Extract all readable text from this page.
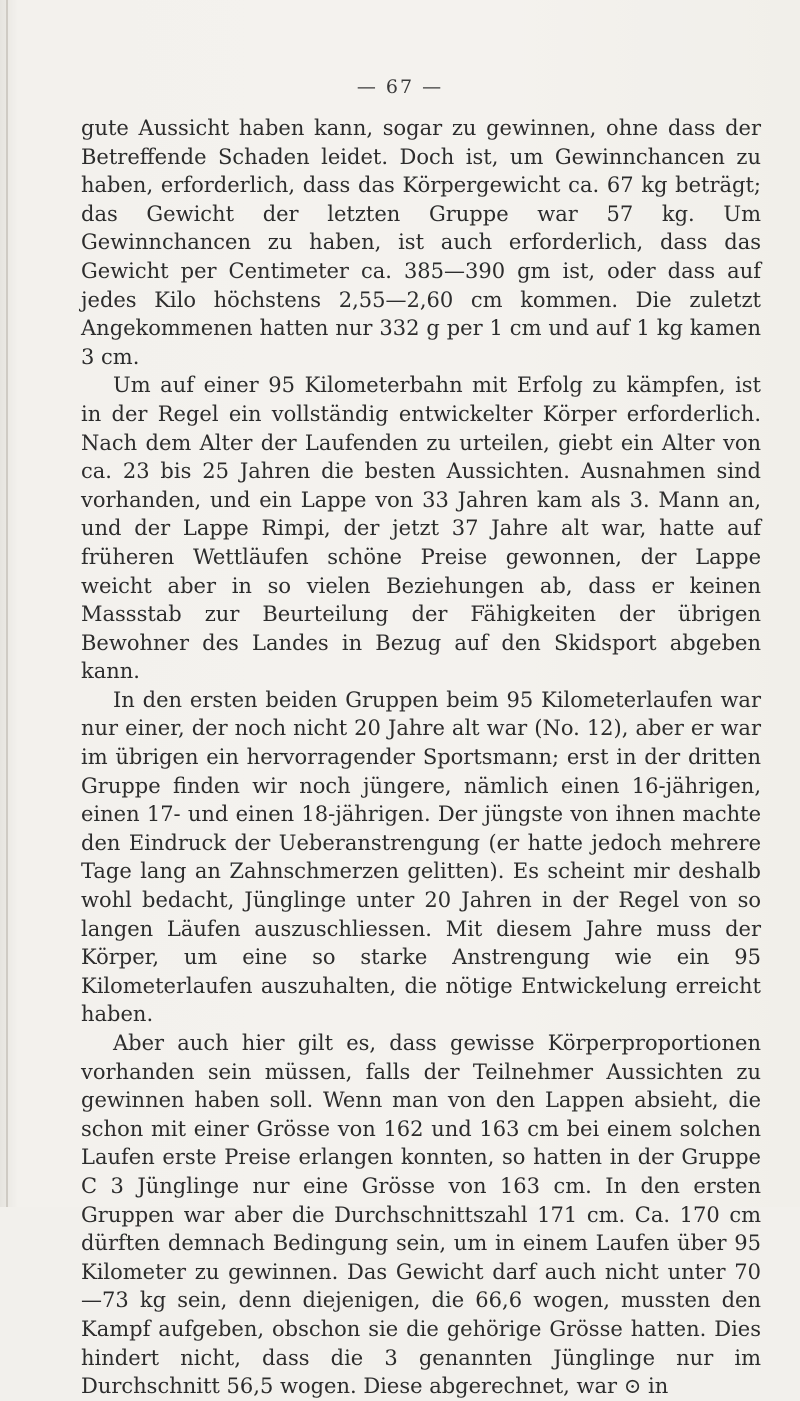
— 67 —

gute Aussicht haben kann, sogar zu gewinnen, ohne dass der Betreffende Schaden leidet. Doch ist, um Gewinnchancen zu haben, erforderlich, dass das Körpergewicht ca. 67 kg beträgt; das Gewicht der letzten Gruppe war 57 kg. Um Gewinnchancen zu haben, ist auch erforderlich, dass das Gewicht per Centimeter ca. 385—390 gm ist, oder dass auf jedes Kilo höchstens 2,55—2,60 cm kommen. Die zuletzt Angekommenen hatten nur 332 g per 1 cm und auf 1 kg kamen 3 cm.

Um auf einer 95 Kilometerbahn mit Erfolg zu kämpfen, ist in der Regel ein vollständig entwickelter Körper erforderlich. Nach dem Alter der Laufenden zu urteilen, giebt ein Alter von ca. 23 bis 25 Jahren die besten Aussichten. Ausnahmen sind vorhanden, und ein Lappe von 33 Jahren kam als 3. Mann an, und der Lappe Rimpi, der jetzt 37 Jahre alt war, hatte auf früheren Wettläufen schöne Preise gewonnen, der Lappe weicht aber in so vielen Beziehungen ab, dass er keinen Massstab zur Beurteilung der Fähigkeiten der übrigen Bewohner des Landes in Bezug auf den Skidsport abgeben kann.

In den ersten beiden Gruppen beim 95 Kilometerlaufen war nur einer, der noch nicht 20 Jahre alt war (No. 12), aber er war im übrigen ein hervorragender Sportsmann; erst in der dritten Gruppe finden wir noch jüngere, nämlich einen 16-jährigen, einen 17- und einen 18-jährigen. Der jüngste von ihnen machte den Eindruck der Ueberanstrengung (er hatte jedoch mehrere Tage lang an Zahnschmerzen gelitten). Es scheint mir deshalb wohl bedacht, Jünglinge unter 20 Jahren in der Regel von so langen Läufen auszuschliessen. Mit diesem Jahre muss der Körper, um eine so starke Anstrengung wie ein 95 Kilometerlaufen auszuhalten, die nötige Entwickelung erreicht haben.

Aber auch hier gilt es, dass gewisse Körperproportionen vorhanden sein müssen, falls der Teilnehmer Aussichten zu gewinnen haben soll. Wenn man von den Lappen absieht, die schon mit einer Grösse von 162 und 163 cm bei einem solchen Laufen erste Preise erlangen konnten, so hatten in der Gruppe C 3 Jünglinge nur eine Grösse von 163 cm. In den ersten Gruppen war aber die Durchschnittszahl 171 cm. Ca. 170 cm dürften demnach Bedingung sein, um in einem Laufen über 95 Kilometer zu gewinnen. Das Gewicht darf auch nicht unter 70—73 kg sein, denn diejenigen, die 66,6 wogen, mussten den Kampf aufgeben, obschon sie die gehörige Grösse hatten. Dies hindert nicht, dass die 3 genannten Jünglinge nur im Durchschnitt 56,5 wogen. Diese abgerechnet, war ⊙ in
